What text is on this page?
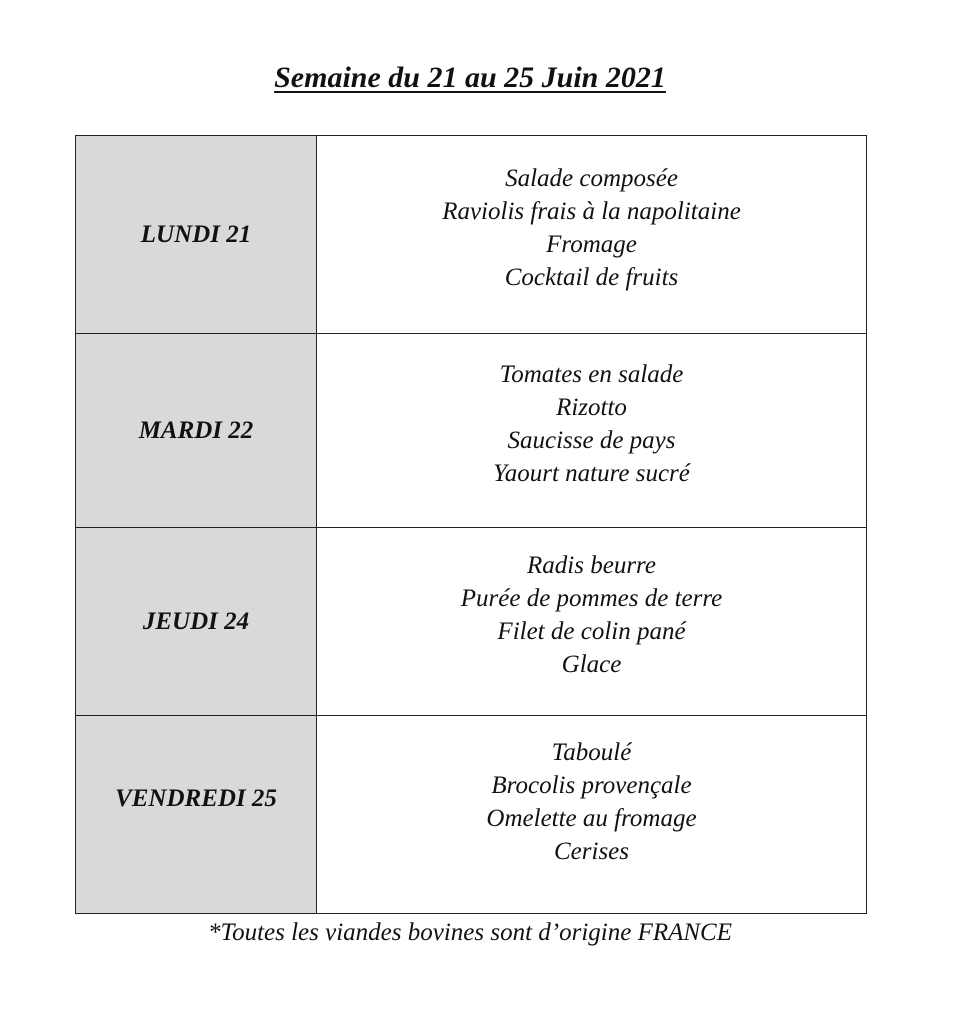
Semaine du 21 au 25 Juin 2021
LUNDI 21	Salade composée
Raviolis frais à la napolitaine
Fromage
Cocktail de fruits

MARDI 22	Tomates en salade
Rizotto
Saucisse de pays
Yaourt nature sucré

JEUDI 24	Radis beurre
Purée de pommes de terre
Filet de colin pané
Glace

VENDREDI 25	Taboulé
Brocolis provençale
Omelette au fromage
Cerises

*Toutes les viandes bovines sont d’origine FRANCE
